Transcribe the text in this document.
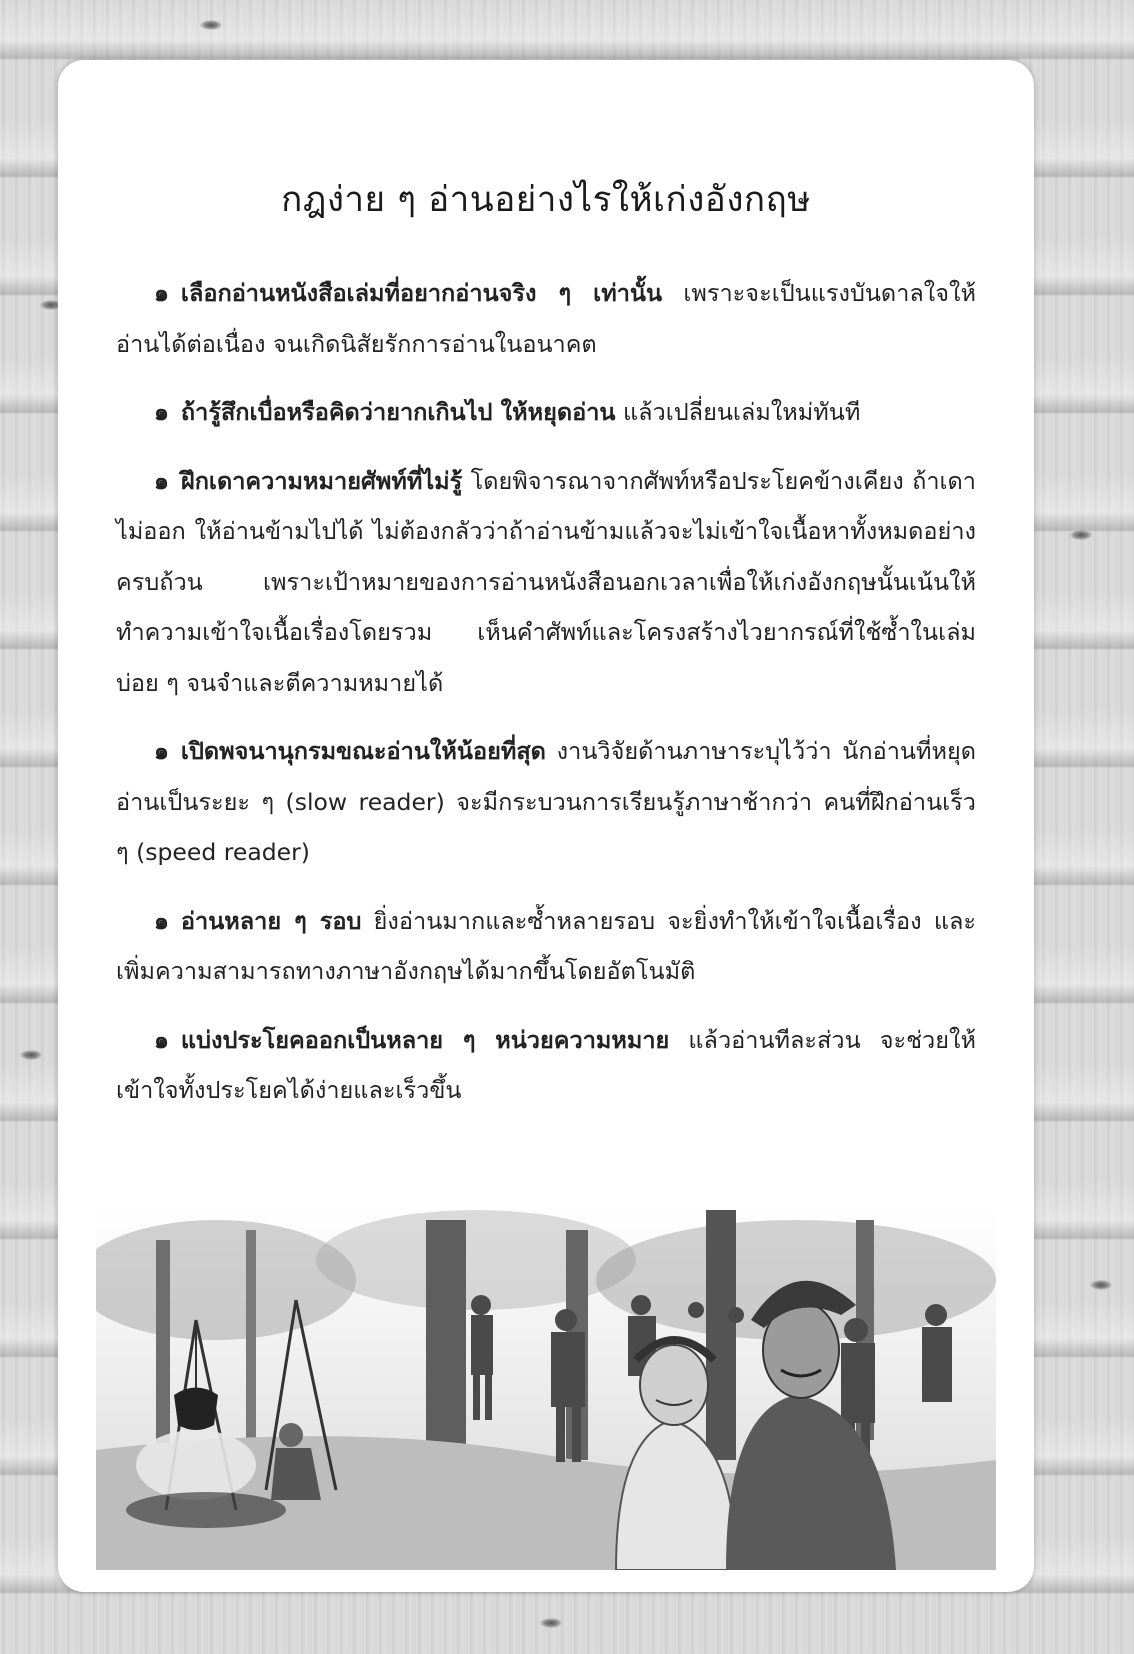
กฎง่าย ๆ อ่านอย่างไรให้เก่งอังกฤษ

๑ เลือกอ่านหนังสือเล่มที่อยากอ่านจริง ๆ เท่านั้น เพราะจะเป็นแรงบันดาลใจให้อ่านได้ต่อเนื่อง จนเกิดนิสัยรักการอ่านในอนาคต

๑ ถ้ารู้สึกเบื่อหรือคิดว่ายากเกินไป ให้หยุดอ่าน แล้วเปลี่ยนเล่มใหม่ทันที

๑ ฝึกเดาความหมายศัพท์ที่ไม่รู้ โดยพิจารณาจากศัพท์หรือประโยคข้างเคียง ถ้าเดาไม่ออก ให้อ่านข้ามไปได้ ไม่ต้องกลัวว่าถ้าอ่านข้ามแล้วจะไม่เข้าใจเนื้อหาทั้งหมดอย่างครบถ้วน เพราะเป้าหมายของการอ่านหนังสือนอกเวลาเพื่อให้เก่งอังกฤษนั้นเน้นให้ทำความเข้าใจเนื้อเรื่องโดยรวม เห็นคำศัพท์และโครงสร้างไวยากรณ์ที่ใช้ซ้ำในเล่มบ่อย ๆ จนจำและตีความหมายได้

๑ เปิดพจนานุกรมขณะอ่านให้น้อยที่สุด งานวิจัยด้านภาษาระบุไว้ว่า นักอ่านที่หยุดอ่านเป็นระยะ ๆ (slow reader) จะมีกระบวนการเรียนรู้ภาษาช้ากว่า คนที่ฝึกอ่านเร็ว ๆ (speed reader)

๑ อ่านหลาย ๆ รอบ ยิ่งอ่านมากและซ้ำหลายรอบ จะยิ่งทำให้เข้าใจเนื้อเรื่อง และเพิ่มความสามารถทางภาษาอังกฤษได้มากขึ้นโดยอัตโนมัติ

๑ แบ่งประโยคออกเป็นหลาย ๆ หน่วยความหมาย แล้วอ่านทีละส่วน จะช่วยให้เข้าใจทั้งประโยคได้ง่ายและเร็วขึ้น
